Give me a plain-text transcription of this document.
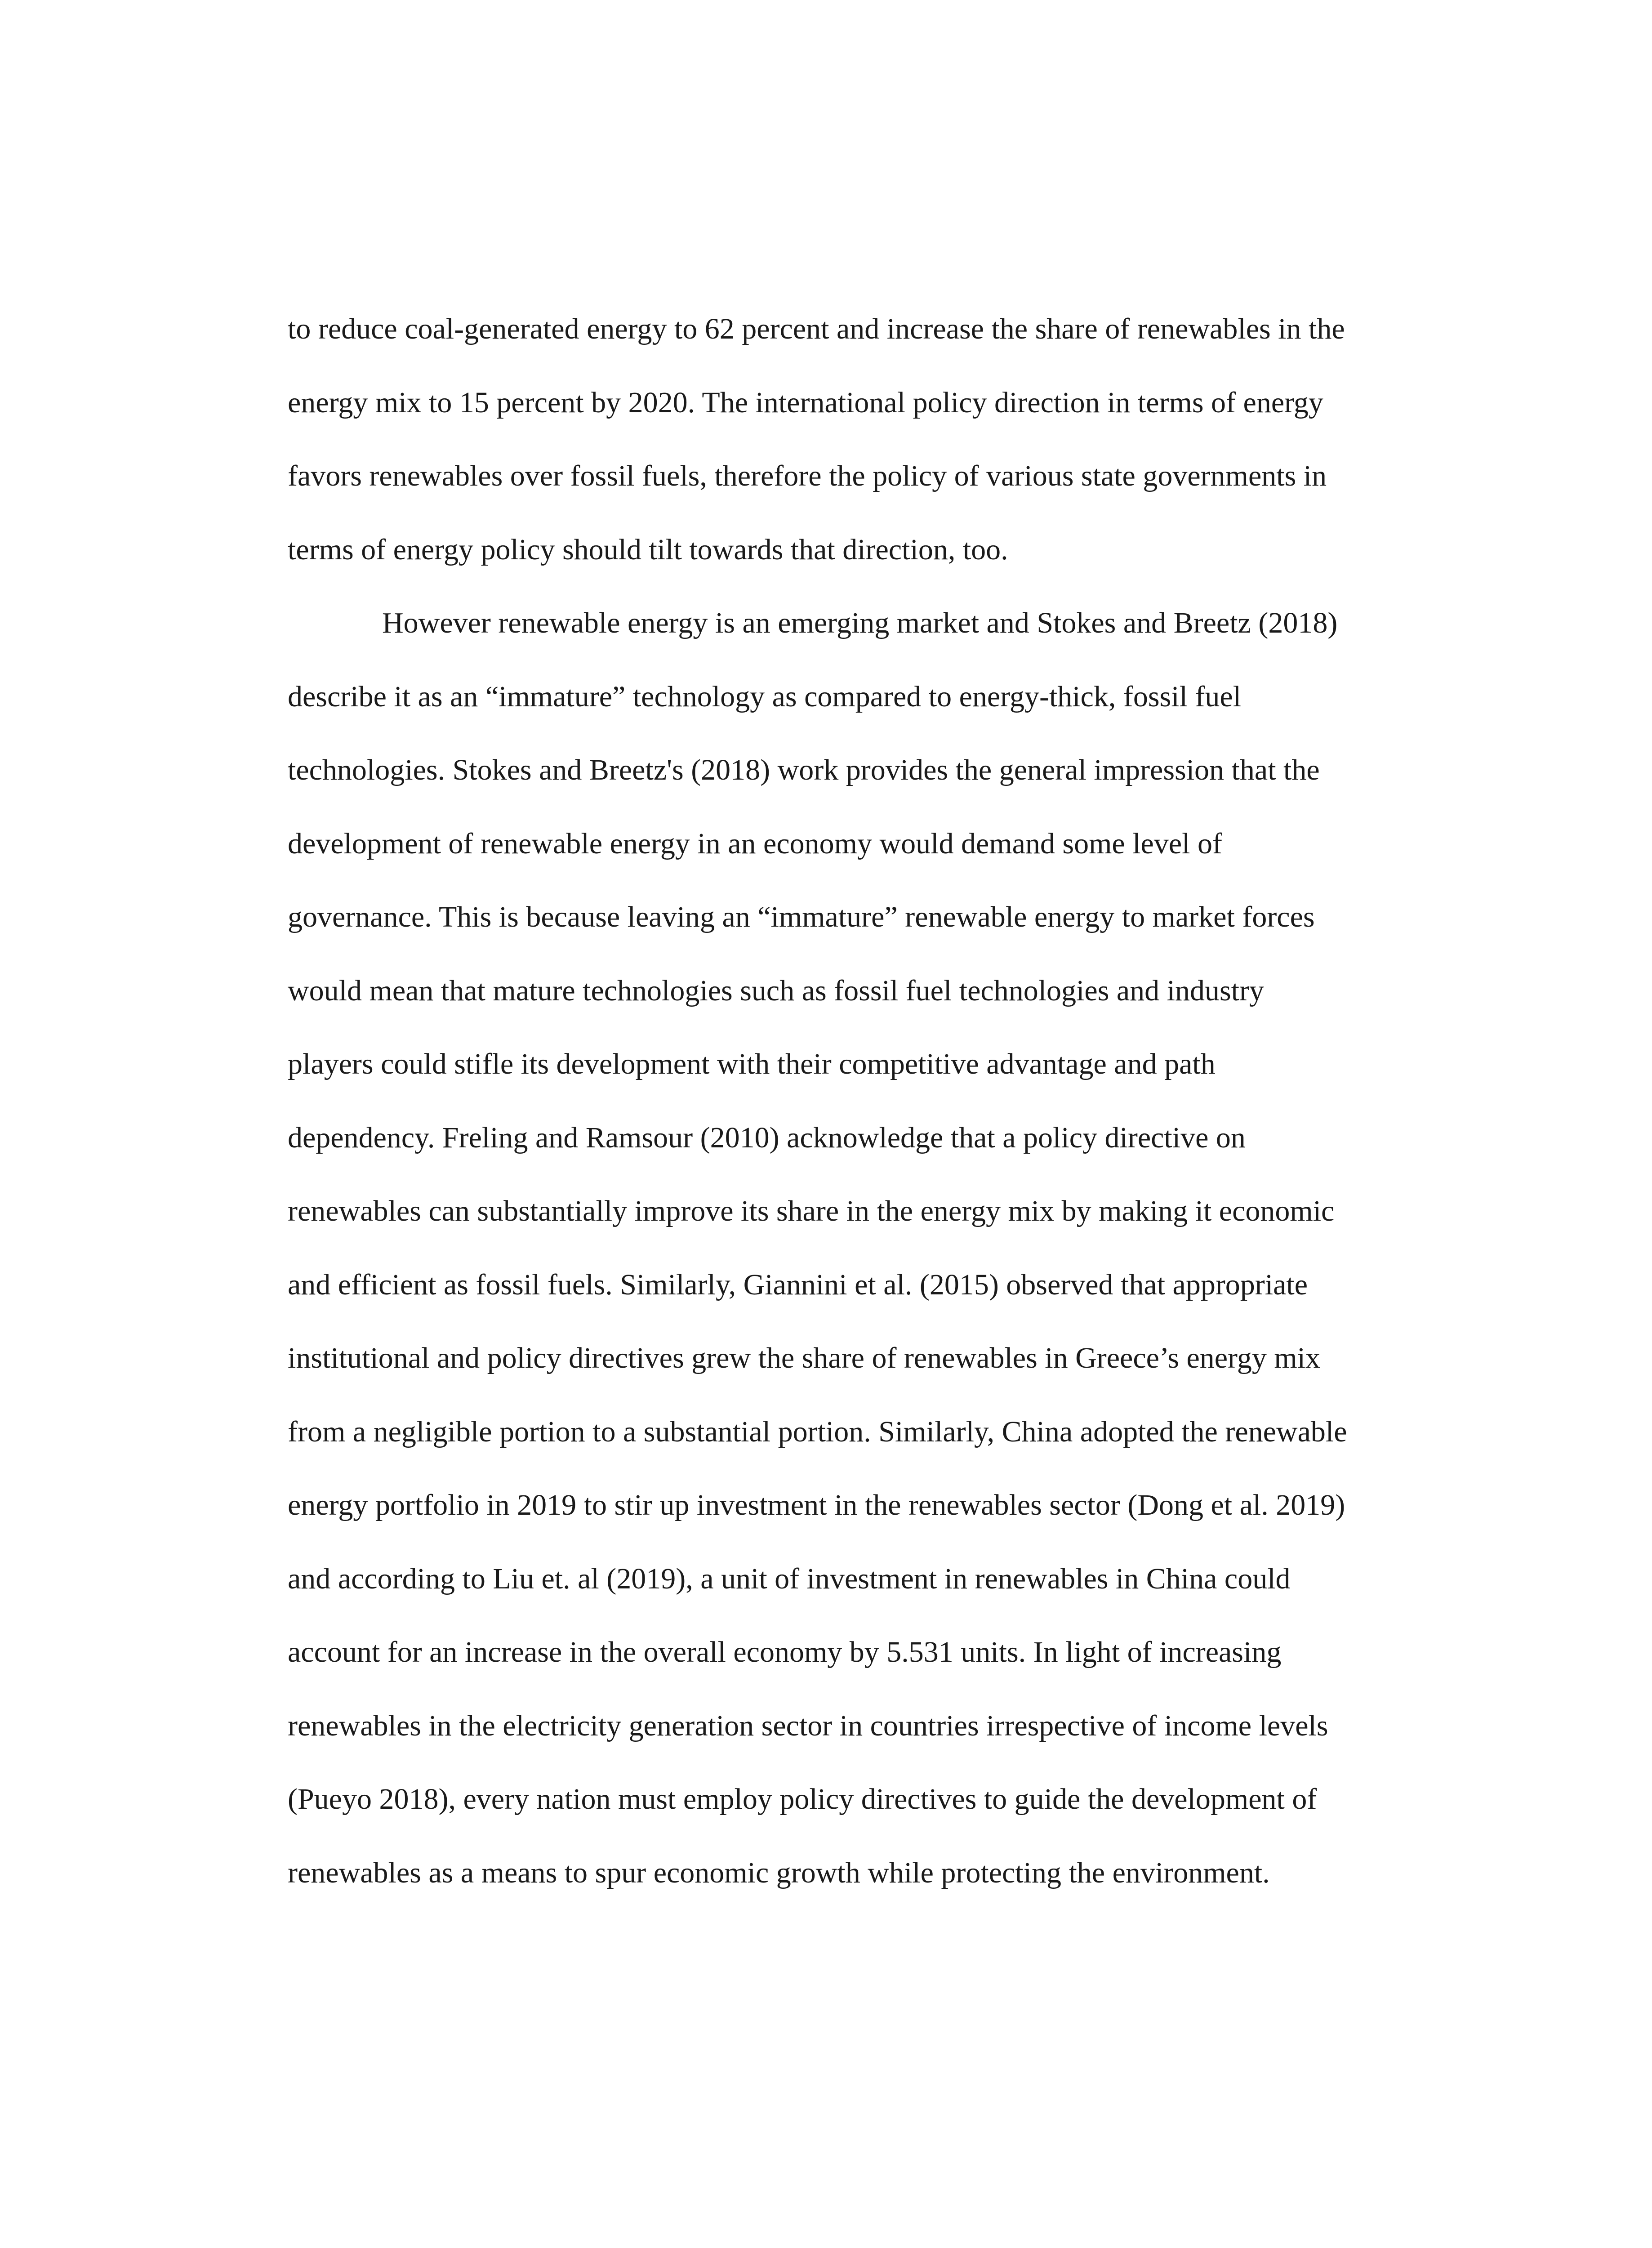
to reduce coal-generated energy to 62 percent and increase the share of renewables in the
energy mix to 15 percent by 2020. The international policy direction in terms of energy
favors renewables over fossil fuels, therefore the policy of various state governments in
terms of energy policy should tilt towards that direction, too.
However renewable energy is an emerging market and Stokes and Breetz (2018)
describe it as an “immature” technology as compared to energy-thick, fossil fuel
technologies. Stokes and Breetz's (2018) work provides the general impression that the
development of renewable energy in an economy would demand some level of
governance. This is because leaving an “immature” renewable energy to market forces
would mean that mature technologies such as fossil fuel technologies and industry
players could stifle its development with their competitive advantage and path
dependency. Freling and Ramsour (2010) acknowledge that a policy directive on
renewables can substantially improve its share in the energy mix by making it economic
and efficient as fossil fuels. Similarly, Giannini et al. (2015) observed that appropriate
institutional and policy directives grew the share of renewables in Greece’s energy mix
from a negligible portion to a substantial portion. Similarly, China adopted the renewable
energy portfolio in 2019 to stir up investment in the renewables sector (Dong et al. 2019)
and according to Liu et. al (2019), a unit of investment in renewables in China could
account for an increase in the overall economy by 5.531 units. In light of increasing
renewables in the electricity generation sector in countries irrespective of income levels
(Pueyo 2018), every nation must employ policy directives to guide the development of
renewables as a means to spur economic growth while protecting the environment.
